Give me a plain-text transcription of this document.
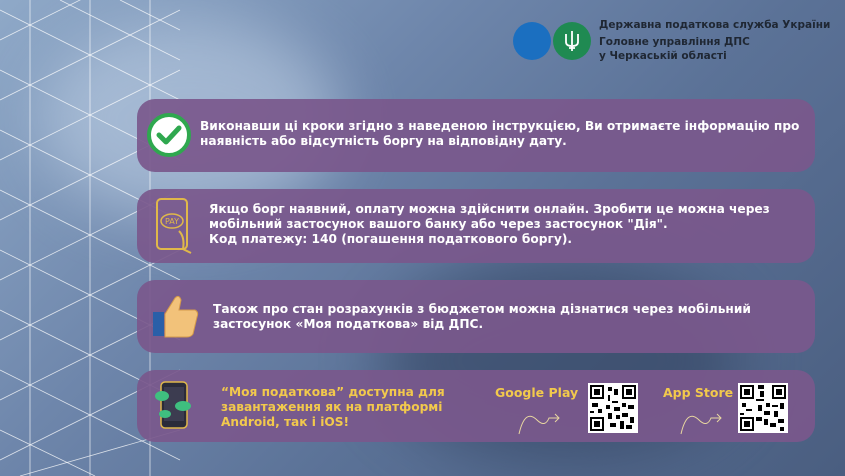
Державна податкова служба України
Головне управління ДПС
у Черкаській області
Виконавши ці кроки згідно з наведеною інструкцією, Ви отримаєте інформацію про наявність або відсутність боргу на відповідну дату.
PAY
Якщо борг наявний, оплату можна здійснити онлайн. Зробити це можна через мобільний застосунок вашого банку або через застосунок "Дія".
Код платежу: 140 (погашення податкового боргу).
Також про стан розрахунків з бюджетом можна дізнатися через мобільний застосунок «Моя податкова» від ДПС.
“Моя податкова” доступна для завантаження як на платформі Android, так і iOS!
Google Play	App Store
